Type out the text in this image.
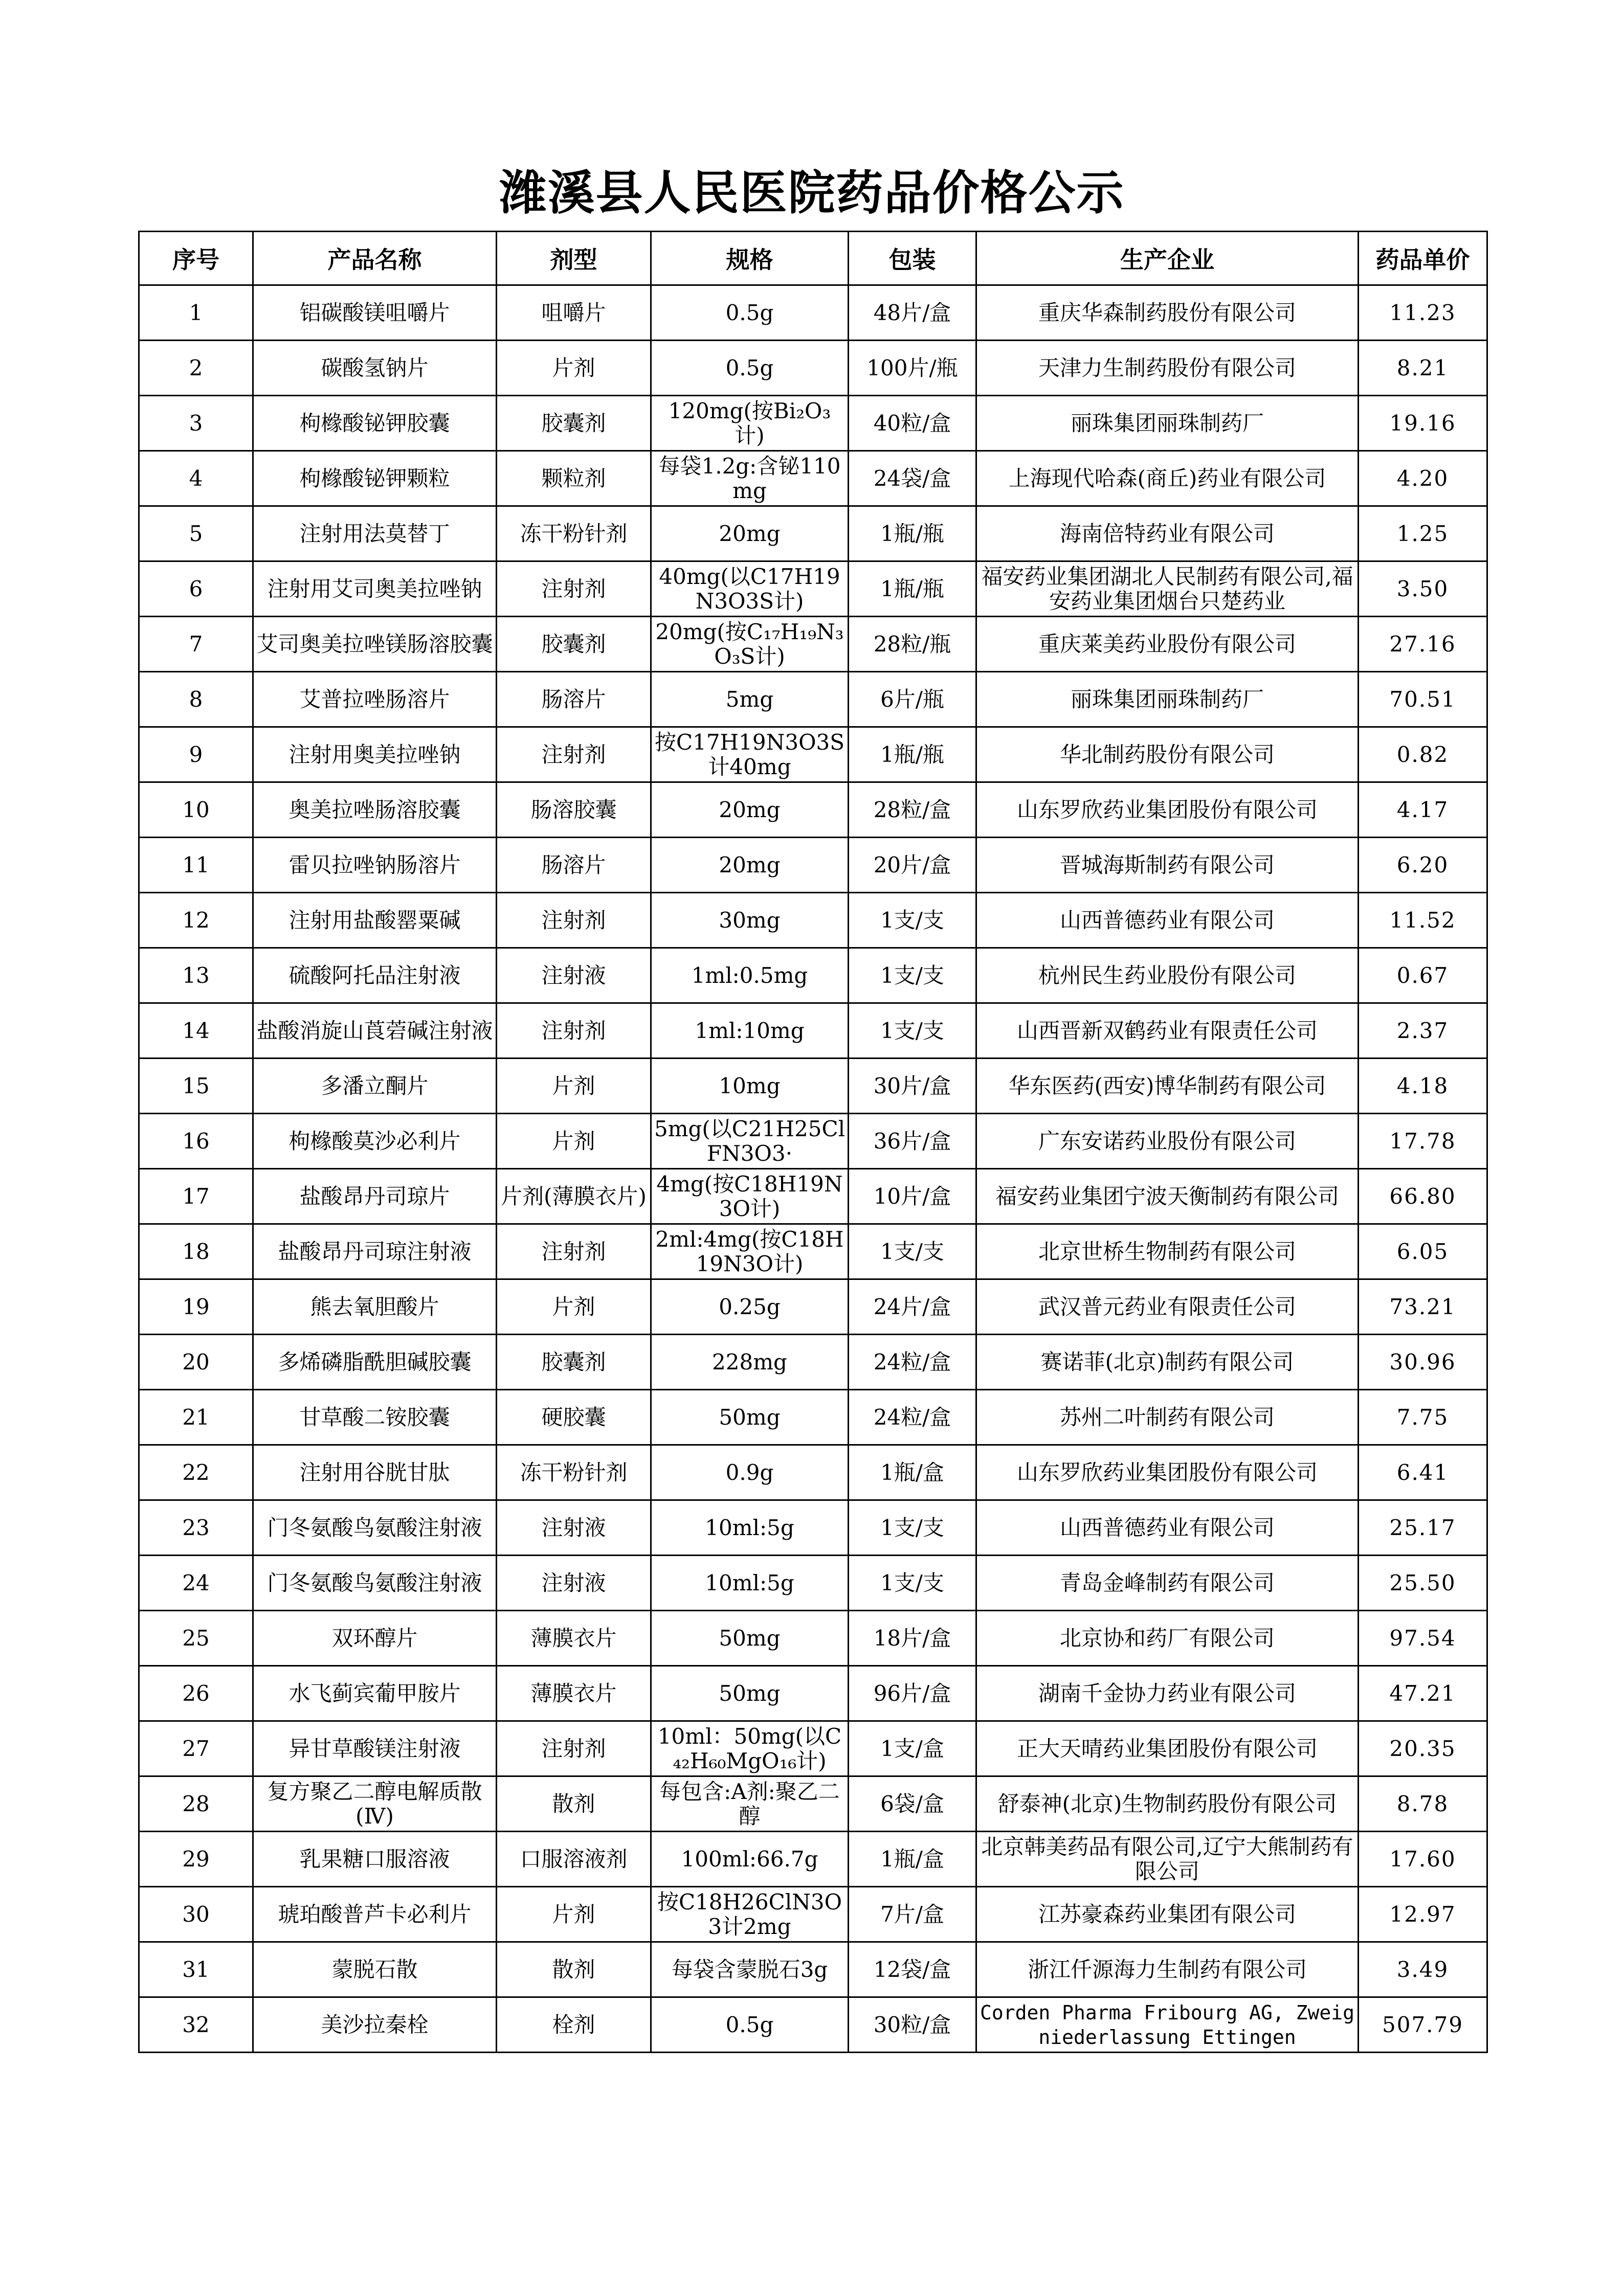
潍溪县人民医院药品价格公示
序号	产品名称	剂型	规格	包装	生产企业	药品单价

1	铝碳酸镁咀嚼片	咀嚼片	0.5g	48片/盒	重庆华森制药股份有限公司	11.23

2	碳酸氢钠片	片剂	0.5g	100片/瓶	天津力生制药股份有限公司	8.21

3	枸橼酸铋钾胶囊	胶囊剂	120mg(按Bi₂O₃计)	40粒/盒	丽珠集团丽珠制药厂	19.16

4	枸橼酸铋钾颗粒	颗粒剂	每袋1.2g:含铋110mg	24袋/盒	上海现代哈森(商丘)药业有限公司	4.20

5	注射用法莫替丁	冻干粉针剂	20mg	1瓶/瓶	海南倍特药业有限公司	1.25

6	注射用艾司奥美拉唑钠	注射剂	40mg(以C17H19N3O3S计)	1瓶/瓶	福安药业集团湖北人民制药有限公司,福安药业集团烟台只楚药业	3.50

7	艾司奥美拉唑镁肠溶胶囊	胶囊剂	20mg(按C₁₇H₁₉N₃O₃S计)	28粒/瓶	重庆莱美药业股份有限公司	27.16

8	艾普拉唑肠溶片	肠溶片	5mg	6片/瓶	丽珠集团丽珠制药厂	70.51

9	注射用奥美拉唑钠	注射剂	按C17H19N3O3S计40mg	1瓶/瓶	华北制药股份有限公司	0.82

10	奥美拉唑肠溶胶囊	肠溶胶囊	20mg	28粒/盒	山东罗欣药业集团股份有限公司	4.17

11	雷贝拉唑钠肠溶片	肠溶片	20mg	20片/盒	晋城海斯制药有限公司	6.20

12	注射用盐酸罂粟碱	注射剂	30mg	1支/支	山西普德药业有限公司	11.52

13	硫酸阿托品注射液	注射液	1ml:0.5mg	1支/支	杭州民生药业股份有限公司	0.67

14	盐酸消旋山莨菪碱注射液	注射剂	1ml:10mg	1支/支	山西晋新双鹤药业有限责任公司	2.37

15	多潘立酮片	片剂	10mg	30片/盒	华东医药(西安)博华制药有限公司	4.18

16	枸橼酸莫沙必利片	片剂	5mg(以C21H25ClFN3O3·	36片/盒	广东安诺药业股份有限公司	17.78

17	盐酸昂丹司琼片	片剂(薄膜衣片)	4mg(按C18H19N3O计)	10片/盒	福安药业集团宁波天衡制药有限公司	66.80

18	盐酸昂丹司琼注射液	注射剂	2ml:4mg(按C18H19N3O计)	1支/支	北京世桥生物制药有限公司	6.05

19	熊去氧胆酸片	片剂	0.25g	24片/盒	武汉普元药业有限责任公司	73.21

20	多烯磷脂酰胆碱胶囊	胶囊剂	228mg	24粒/盒	赛诺菲(北京)制药有限公司	30.96

21	甘草酸二铵胶囊	硬胶囊	50mg	24粒/盒	苏州二叶制药有限公司	7.75

22	注射用谷胱甘肽	冻干粉针剂	0.9g	1瓶/盒	山东罗欣药业集团股份有限公司	6.41

23	门冬氨酸鸟氨酸注射液	注射液	10ml:5g	1支/支	山西普德药业有限公司	25.17

24	门冬氨酸鸟氨酸注射液	注射液	10ml:5g	1支/支	青岛金峰制药有限公司	25.50

25	双环醇片	薄膜衣片	50mg	18片/盒	北京协和药厂有限公司	97.54

26	水飞蓟宾葡甲胺片	薄膜衣片	50mg	96片/盒	湖南千金协力药业有限公司	47.21

27	异甘草酸镁注射液	注射剂	10ml：50mg(以C₄₂H₆₀MgO₁₆计)	1支/盒	正大天晴药业集团股份有限公司	20.35

28	复方聚乙二醇电解质散(Ⅳ)	散剂	每包含:A剂:聚乙二醇	6袋/盒	舒泰神(北京)生物制药股份有限公司	8.78

29	乳果糖口服溶液	口服溶液剂	100ml:66.7g	1瓶/盒	北京韩美药品有限公司,辽宁大熊制药有限公司	17.60

30	琥珀酸普芦卡必利片	片剂	按C18H26ClN3O3计2mg	7片/盒	江苏豪森药业集团有限公司	12.97

31	蒙脱石散	散剂	每袋含蒙脱石3g	12袋/盒	浙江仟源海力生制药有限公司	3.49

32	美沙拉秦栓	栓剂	0.5g	30粒/盒	Corden Pharma Fribourg AG, Zweigniederlassung Ettingen	507.79
